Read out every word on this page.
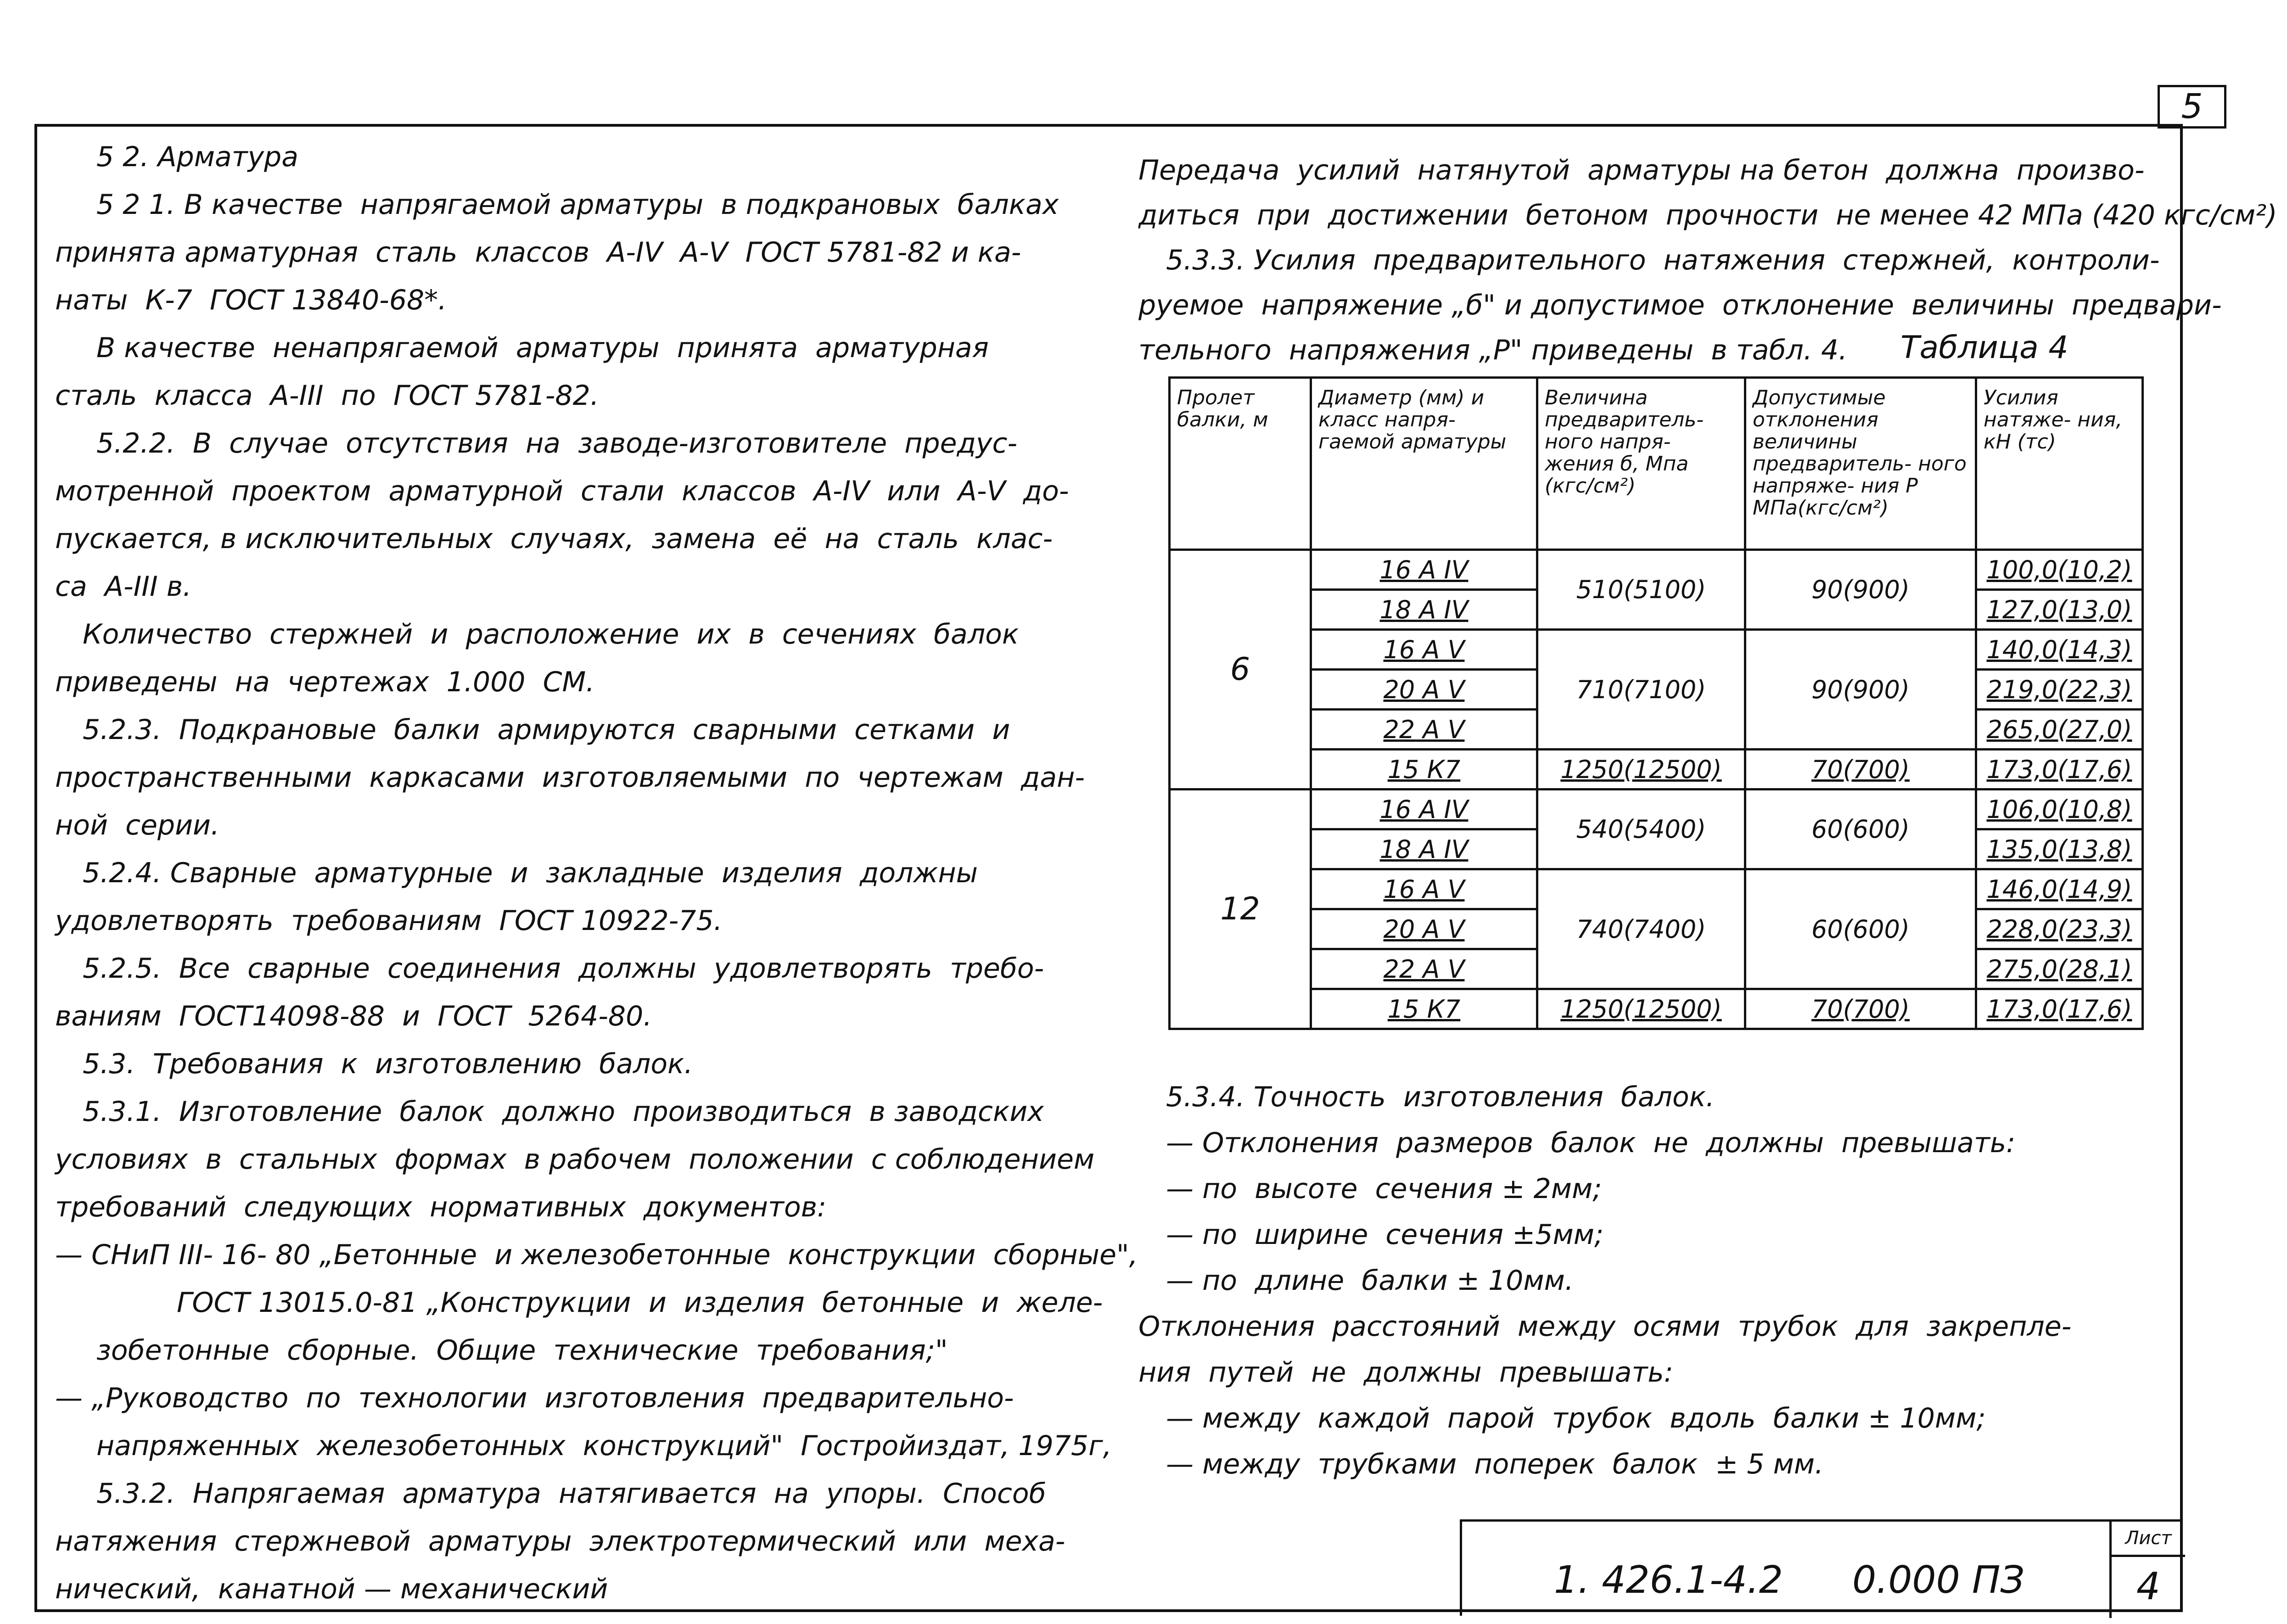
5

5 2. Арматура

5 2 1. В качестве  напрягаемой арматуры  в подкрановых  балках

принята арматурная  сталь  классов  А-IV  А-V  ГОСТ 5781-82 и ка-

наты  К-7  ГОСТ 13840-68*.

В качестве  ненапрягаемой  арматуры  принята  арматурная

сталь  класса  А-III  по  ГОСТ 5781-82.

5.2.2.  В  случае  отсутствия  на  заводе-изготовителе  предус-

мотренной  проектом  арматурной  стали  классов  А-IV  или  А-V  до-

пускается, в исключительных  случаях,  замена  её  на  сталь  клас-

са  А-III в.

Количество  стержней  и  расположение  их  в  сечениях  балок

приведены  на  чертежах  1.000  СМ.

5.2.3.  Подкрановые  балки  армируются  сварными  сетками  и

пространственными  каркасами  изготовляемыми  по  чертежам  дан-

ной  серии.

5.2.4. Сварные  арматурные  и  закладные  изделия  должны

удовлетворять  требованиям  ГОСТ 10922-75.

5.2.5.  Все  сварные  соединения  должны  удовлетворять  требо-

ваниям  ГОСТ14098-88  и  ГОСТ  5264-80.

5.3.  Требования  к  изготовлению  балок.

5.3.1.  Изготовление  балок  должно  производиться  в заводских

условиях  в  стальных  формах  в рабочем  положении  с соблюдением

требований  следующих  нормативных  документов:

— СНиП III- 16- 80 „Бетонные  и железобетонные  конструкции  сборные",

ГОСТ 13015.0-81 „Конструкции  и  изделия  бетонные  и  желе-

зобетонные  сборные.  Общие  технические  требования;"

— „Руководство  по  технологии  изготовления  предварительно-

напряженных  железобетонных  конструкций"  Гостройиздат, 1975г,

5.3.2.  Напрягаемая  арматура  натягивается  на  упоры.  Способ

натяжения  стержневой  арматуры  электротермический  или  меха-

нический,  канатной — механический

Передача  усилий  натянутой  арматуры на бетон  должна  произво-

диться  при  достижении  бетоном  прочности  не менее 42 МПа (420 кгс/см²)

5.3.3. Усилия  предварительного  натяжения  стержней,  контроли-

руемое  напряжение „б" и допустимое  отклонение  величины  предвари-

тельного  напряжения „Р" приведены  в табл. 4.	Таблица 4
Пролет балки, м	Диаметр (мм) и класс напря- гаемой арматуры	Величина предваритель- ного напря- жения б, Мпа (кгс/см²)	Допустимые отклонения величины предваритель- ного напряже- ния Р МПа(кгс/см²)	Усилия натяже- ния, кН (тс)
6	16 А IV	510(5100)	90(900)	100,0(10,2)
	18 А IV			127,0(13,0)
	16 А V	710(7100)	90(900)	140,0(14,3)
	20 А V			219,0(22,3)
	22 А V			265,0(27,0)
	15 К7	1250(12500)	70(700)	173,0(17,6)
12	16 А IV	540(5400)	60(600)	106,0(10,8)
	18 А IV			135,0(13,8)
	16 А V	740(7400)	60(600)	146,0(14,9)
	20 А V			228,0(23,3)
	22 А V			275,0(28,1)
	15 К7	1250(12500)	70(700)	173,0(17,6)

5.3.4. Точность  изготовления  балок.

— Отклонения  размеров  балок  не  должны  превышать:

— по  высоте  сечения ± 2мм;

— по  ширине  сечения ±5мм;

— по  длине  балки ± 10мм.

Отклонения  расстояний  между  осями  трубок  для  закрепле-

ния  путей  не  должны  превышать:

— между  каждой  парой  трубок  вдоль  балки ± 10мм;

— между  трубками  поперек  балок  ± 5 мм.

1. 426.1-4.2 0.000 ПЗ
Лист
4
